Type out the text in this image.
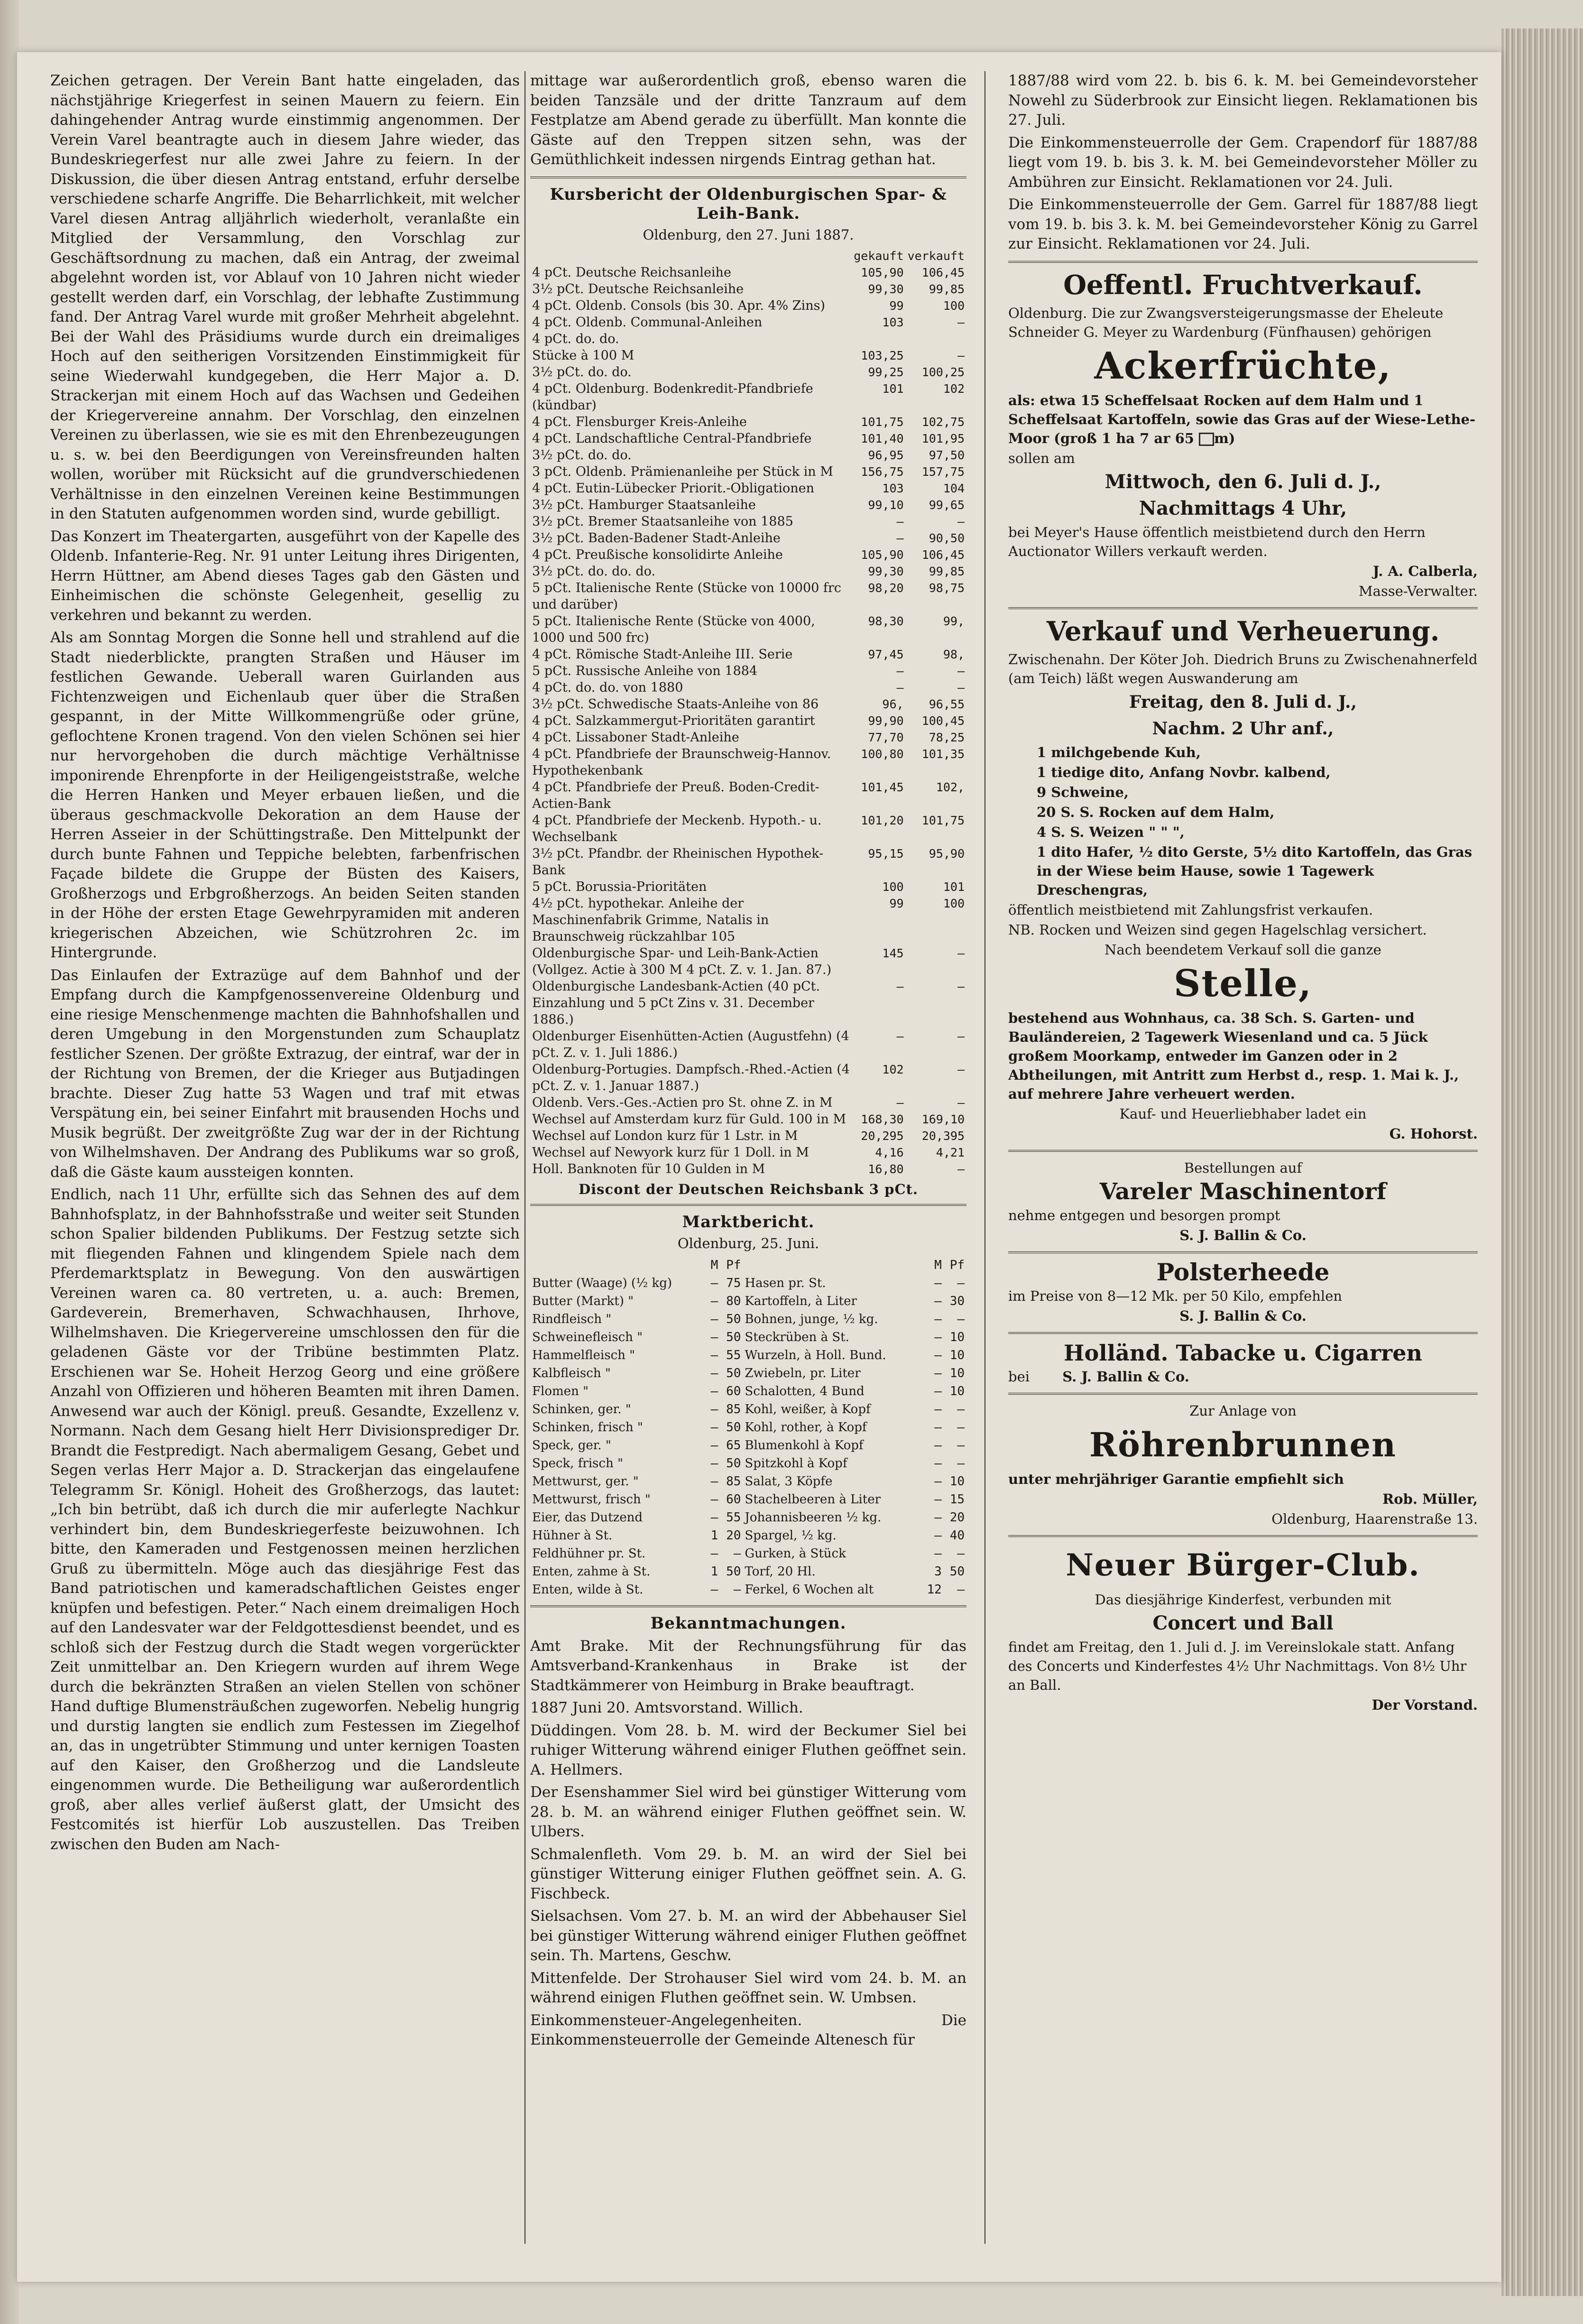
Zeichen getragen. Der Verein Bant hatte eingeladen, das nächstjährige Kriegerfest in seinen Mauern zu feiern. Ein dahingehender Antrag wurde einstimmig angenommen. Der Verein Varel beantragte auch in diesem Jahre wieder, das Bundeskriegerfest nur alle zwei Jahre zu feiern. In der Diskussion, die über diesen Antrag entstand, erfuhr derselbe verschiedene scharfe Angriffe. Die Beharrlichkeit, mit welcher Varel diesen Antrag alljährlich wiederholt, veranlaßte ein Mitglied der Versammlung, den Vorschlag zur Geschäftsordnung zu machen, daß ein Antrag, der zweimal abgelehnt worden ist, vor Ablauf von 10 Jahren nicht wieder gestellt werden darf, ein Vorschlag, der lebhafte Zustimmung fand. Der Antrag Varel wurde mit großer Mehrheit abgelehnt. Bei der Wahl des Präsidiums wurde durch ein dreimaliges Hoch auf den seitherigen Vorsitzenden Einstimmigkeit für seine Wiederwahl kundgegeben, die Herr Major a. D. Strackerjan mit einem Hoch auf das Wachsen und Gedeihen der Kriegervereine annahm. Der Vorschlag, den einzelnen Vereinen zu überlassen, wie sie es mit den Ehrenbezeugungen u. s. w. bei den Beerdigungen von Vereinsfreunden halten wollen, worüber mit Rücksicht auf die grundverschiedenen Verhältnisse in den einzelnen Vereinen keine Bestimmungen in den Statuten aufgenommen worden sind, wurde gebilligt.

Das Konzert im Theatergarten, ausgeführt von der Kapelle des Oldenb. Infanterie-Reg. Nr. 91 unter Leitung ihres Dirigenten, Herrn Hüttner, am Abend dieses Tages gab den Gästen und Einheimischen die schönste Gelegenheit, gesellig zu verkehren und bekannt zu werden.

Als am Sonntag Morgen die Sonne hell und strahlend auf die Stadt niederblickte, prangten Straßen und Häuser im festlichen Gewande. Ueberall waren Guirlanden aus Fichtenzweigen und Eichenlaub quer über die Straßen gespannt, in der Mitte Willkommengrüße oder grüne, geflochtene Kronen tragend. Von den vielen Schönen sei hier nur hervorgehoben die durch mächtige Verhältnisse imponirende Ehrenpforte in der Heiligengeiststraße, welche die Herren Hanken und Meyer erbauen ließen, und die überaus geschmackvolle Dekoration an dem Hause der Herren Asseier in der Schüttingstraße. Den Mittelpunkt der durch bunte Fahnen und Teppiche belebten, farbenfrischen Façade bildete die Gruppe der Büsten des Kaisers, Großherzogs und Erbgroßherzogs. An beiden Seiten standen in der Höhe der ersten Etage Gewehrpyramiden mit anderen kriegerischen Abzeichen, wie Schützrohren 2c. im Hintergrunde.

Das Einlaufen der Extrazüge auf dem Bahnhof und der Empfang durch die Kampfgenossenvereine Oldenburg und eine riesige Menschenmenge machten die Bahnhofshallen und deren Umgebung in den Morgenstunden zum Schauplatz festlicher Szenen. Der größte Extrazug, der eintraf, war der in der Richtung von Bremen, der die Krieger aus Butjadingen brachte. Dieser Zug hatte 53 Wagen und traf mit etwas Verspätung ein, bei seiner Einfahrt mit brausenden Hochs und Musik begrüßt. Der zweitgrößte Zug war der in der Richtung von Wilhelmshaven. Der Andrang des Publikums war so groß, daß die Gäste kaum aussteigen konnten.

Endlich, nach 11 Uhr, erfüllte sich das Sehnen des auf dem Bahnhofsplatz, in der Bahnhofsstraße und weiter seit Stunden schon Spalier bildenden Publikums. Der Festzug setzte sich mit fliegenden Fahnen und klingendem Spiele nach dem Pferdemarktsplatz in Bewegung. Von den auswärtigen Vereinen waren ca. 80 vertreten, u. a. auch: Bremen, Gardeverein, Bremerhaven, Schwachhausen, Ihrhove, Wilhelmshaven. Die Kriegervereine umschlossen den für die geladenen Gäste vor der Tribüne bestimmten Platz. Erschienen war Se. Hoheit Herzog Georg und eine größere Anzahl von Offizieren und höheren Beamten mit ihren Damen. Anwesend war auch der Königl. preuß. Gesandte, Exzellenz v. Normann. Nach dem Gesang hielt Herr Divisionsprediger Dr. Brandt die Festpredigt. Nach abermaligem Gesang, Gebet und Segen verlas Herr Major a. D. Strackerjan das eingelaufene Telegramm Sr. Königl. Hoheit des Großherzogs, das lautet: „Ich bin betrübt, daß ich durch die mir auferlegte Nachkur verhindert bin, dem Bundeskriegerfeste beizuwohnen. Ich bitte, den Kameraden und Festgenossen meinen herzlichen Gruß zu übermitteln. Möge auch das diesjährige Fest das Band patriotischen und kameradschaftlichen Geistes enger knüpfen und befestigen. Peter.“ Nach einem dreimaligen Hoch auf den Landesvater war der Feldgottesdienst beendet, und es schloß sich der Festzug durch die Stadt wegen vorgerückter Zeit unmittelbar an. Den Kriegern wurden auf ihrem Wege durch die bekränzten Straßen an vielen Stellen von schöner Hand duftige Blumensträußchen zugeworfen. Nebelig hungrig und durstig langten sie endlich zum Festessen im Ziegelhof an, das in ungetrübter Stimmung und unter kernigen Toasten auf den Kaiser, den Großherzog und die Landsleute eingenommen wurde. Die Betheiligung war außerordentlich groß, aber alles verlief äußerst glatt, der Umsicht des Festcomités ist hierfür Lob auszustellen. Das Treiben zwischen den Buden am Nach-

mittage war außerordentlich groß, ebenso waren die beiden Tanzsäle und der dritte Tanzraum auf dem Festplatze am Abend gerade zu überfüllt. Man konnte die Gäste auf den Treppen sitzen sehn, was der Gemüthlichkeit indessen nirgends Eintrag gethan hat.

Kursbericht der Oldenburgischen Spar- & Leih-Bank.
Oldenburg, den 27. Juni 1887.
	gekauft	verkauft
4 pCt. Deutsche Reichsanleihe	105,90	106,45
3½ pCt. Deutsche Reichsanleihe	99,30	99,85
4 pCt. Oldenb. Consols (bis 30. Apr. 4% Zins)	99	100
4 pCt. Oldenb. Communal-Anleihen	103	—
4 pCt. do. do.		
Stücke à 100 M	103,25	—
3½ pCt. do. do.	99,25	100,25
4 pCt. Oldenburg. Bodenkredit-Pfandbriefe (kündbar)	101	102
4 pCt. Flensburger Kreis-Anleihe	101,75	102,75
4 pCt. Landschaftliche Central-Pfandbriefe	101,40	101,95
3½ pCt. do. do.	96,95	97,50
3 pCt. Oldenb. Prämienanleihe per Stück in M	156,75	157,75
4 pCt. Eutin-Lübecker Priorit.-Obligationen	103	104
3½ pCt. Hamburger Staatsanleihe	99,10	99,65
3½ pCt. Bremer Staatsanleihe von 1885	—	—
3½ pCt. Baden-Badener Stadt-Anleihe	—	90,50
4 pCt. Preußische konsolidirte Anleihe	105,90	106,45
3½ pCt. do. do. do.	99,30	99,85
5 pCt. Italienische Rente (Stücke von 10000 frc und darüber)	98,20	98,75
5 pCt. Italienische Rente (Stücke von 4000, 1000 und 500 frc)	98,30	99,
4 pCt. Römische Stadt-Anleihe III. Serie	97,45	98,
5 pCt. Russische Anleihe von 1884	—	—
4 pCt. do. do. von 1880	—	—
3½ pCt. Schwedische Staats-Anleihe von 86	96,	96,55
4 pCt. Salzkammergut-Prioritäten garantirt	99,90	100,45
4 pCt. Lissaboner Stadt-Anleihe	77,70	78,25
4 pCt. Pfandbriefe der Braunschweig-Hannov. Hypothekenbank	100,80	101,35
4 pCt. Pfandbriefe der Preuß. Boden-Credit-Actien-Bank	101,45	102,
4 pCt. Pfandbriefe der Meckenb. Hypoth.- u. Wechselbank	101,20	101,75
3½ pCt. Pfandbr. der Rheinischen Hypothek-Bank	95,15	95,90
5 pCt. Borussia-Prioritäten	100	101
4½ pCt. hypothekar. Anleihe der Maschinenfabrik Grimme, Natalis in Braunschweig rückzahlbar 105	99	100
Oldenburgische Spar- und Leih-Bank-Actien (Vollgez. Actie à 300 M 4 pCt. Z. v. 1. Jan. 87.)	145	—
Oldenburgische Landesbank-Actien (40 pCt. Einzahlung und 5 pCt Zins v. 31. December 1886.)	—	—
Oldenburger Eisenhütten-Actien (Augustfehn) (4 pCt. Z. v. 1. Juli 1886.)	—	—
Oldenburg-Portugies. Dampfsch.-Rhed.-Actien (4 pCt. Z. v. 1. Januar 1887.)	102	—
Oldenb. Vers.-Ges.-Actien pro St. ohne Z. in M	—	—
Wechsel auf Amsterdam kurz für Guld. 100 in M	168,30	169,10
Wechsel auf London kurz für 1 Lstr. in M	20,295	20,395
Wechsel auf Newyork kurz für 1 Doll. in M	4,16	4,21
Holl. Banknoten für 10 Gulden in M	16,80	—
Discont der Deutschen Reichsbank 3 pCt.
Marktbericht.
Oldenburg, 25. Juni.
	M	Pf		M	Pf
Butter (Waage) (½ kg)	—	75	Hasen pr. St.	—	—
Butter (Markt) "	—	80	Kartoffeln, à Liter	—	30
Rindfleisch "	—	50	Bohnen, junge, ½ kg.	—	—
Schweinefleisch "	—	50	Steckrüben à St.	—	10
Hammelfleisch "	—	55	Wurzeln, à Holl. Bund.	—	10
Kalbfleisch "	—	50	Zwiebeln, pr. Liter	—	10
Flomen "	—	60	Schalotten, 4 Bund	—	10
Schinken, ger. "	—	85	Kohl, weißer, à Kopf	—	—
Schinken, frisch "	—	50	Kohl, rother, à Kopf	—	—
Speck, ger. "	—	65	Blumenkohl à Kopf	—	—
Speck, frisch "	—	50	Spitzkohl à Kopf	—	—
Mettwurst, ger. "	—	85	Salat, 3 Köpfe	—	10
Mettwurst, frisch "	—	60	Stachelbeeren à Liter	—	15
Eier, das Dutzend	—	55	Johannisbeeren ½ kg.	—	20
Hühner à St.	1	20	Spargel, ½ kg.	—	40
Feldhühner pr. St.	—	—	Gurken, à Stück	—	—
Enten, zahme à St.	1	50	Torf, 20 Hl.	3	50
Enten, wilde à St.	—	—	Ferkel, 6 Wochen alt	12	—
Bekanntmachungen.

Amt Brake. Mit der Rechnungsführung für das Amtsverband-Krankenhaus in Brake ist der Stadtkämmerer von Heimburg in Brake beauftragt.

1887 Juni 20. Amtsvorstand. Willich.

Düddingen. Vom 28. b. M. wird der Beckumer Siel bei ruhiger Witterung während einiger Fluthen geöffnet sein. A. Hellmers.

Der Esenshammer Siel wird bei günstiger Witterung vom 28. b. M. an während einiger Fluthen geöffnet sein. W. Ulbers.

Schmalenfleth. Vom 29. b. M. an wird der Siel bei günstiger Witterung einiger Fluthen geöffnet sein. A. G. Fischbeck.

Sielsachsen. Vom 27. b. M. an wird der Abbehauser Siel bei günstiger Witterung während einiger Fluthen geöffnet sein. Th. Martens, Geschw.

Mittenfelde. Der Strohauser Siel wird vom 24. b. M. an während einigen Fluthen geöffnet sein. W. Umbsen.

Einkommensteuer-Angelegenheiten. Die Einkommensteuerrolle der Gemeinde Altenesch für

1887/88 wird vom 22. b. bis 6. k. M. bei Gemeindevorsteher Nowehl zu Süderbrook zur Einsicht liegen. Reklamationen bis 27. Juli.

Die Einkommensteuerrolle der Gem. Crapendorf für 1887/88 liegt vom 19. b. bis 3. k. M. bei Gemeindevorsteher Möller zu Ambühren zur Einsicht. Reklamationen vor 24. Juli.

Die Einkommensteuerrolle der Gem. Garrel für 1887/88 liegt vom 19. b. bis 3. k. M. bei Gemeindevorsteher König zu Garrel zur Einsicht. Reklamationen vor 24. Juli.

Oeffentl. Fruchtverkauf.
Oldenburg. Die zur Zwangsversteigerungsmasse der Eheleute Schneider G. Meyer zu Wardenburg (Fünfhausen) gehörigen
Ackerfrüchte,
als: etwa 15 Scheffelsaat Rocken auf dem Halm und 1 Scheffelsaat Kartoffeln, sowie das Gras auf der Wiese-Lethe-Moor (groß 1 ha 7 ar 65 m)
sollen am
Mittwoch, den 6. Juli d. J.,
Nachmittags 4 Uhr,
bei Meyer's Hause öffentlich meistbietend durch den Herrn Auctionator Willers verkauft werden.
J. A. Calberla,
Masse-Verwalter.
Verkauf und Verheuerung.
Zwischenahn. Der Köter Joh. Diedrich Bruns zu Zwischenahnerfeld (am Teich) läßt wegen Auswanderung am
Freitag, den 8. Juli d. J.,
Nachm. 2 Uhr anf.,
1 milchgebende Kuh,
1 tiedige dito, Anfang Novbr. kalbend,
9 Schweine,
20 S. S. Rocken auf dem Halm,
4 S. S. Weizen " " ",
1 dito Hafer, ½ dito Gerste, 5½ dito Kartoffeln, das Gras in der Wiese beim Hause, sowie 1 Tagewerk Dreschengras,
öffentlich meistbietend mit Zahlungsfrist verkaufen.
NB. Rocken und Weizen sind gegen Hagelschlag versichert.
Nach beendetem Verkauf soll die ganze
Stelle,
bestehend aus Wohnhaus, ca. 38 Sch. S. Garten- und Bauländereien, 2 Tagewerk Wiesenland und ca. 5 Jück großem Moorkamp, entweder im Ganzen oder in 2 Abtheilungen, mit Antritt zum Herbst d., resp. 1. Mai k. J., auf mehrere Jahre verheuert werden.
Kauf- und Heuerliebhaber ladet ein
G. Hohorst.
Bestellungen auf
Vareler Maschinentorf
nehme entgegen und besorgen prompt
S. J. Ballin & Co.
Polsterheede
im Preise von 8—12 Mk. per 50 Kilo, empfehlen
S. J. Ballin & Co.
Holländ. Tabacke u. Cigarren
bei S. J. Ballin & Co.
Zur Anlage von
Röhrenbrunnen
unter mehrjähriger Garantie empfiehlt sich
Rob. Müller,
Oldenburg, Haarenstraße 13.
Neuer Bürger-Club.
Das diesjährige Kinderfest, verbunden mit
Concert und Ball
findet am Freitag, den 1. Juli d. J. im Vereinslokale statt. Anfang des Concerts und Kinderfestes 4½ Uhr Nachmittags. Von 8½ Uhr an Ball.
Der Vorstand.
